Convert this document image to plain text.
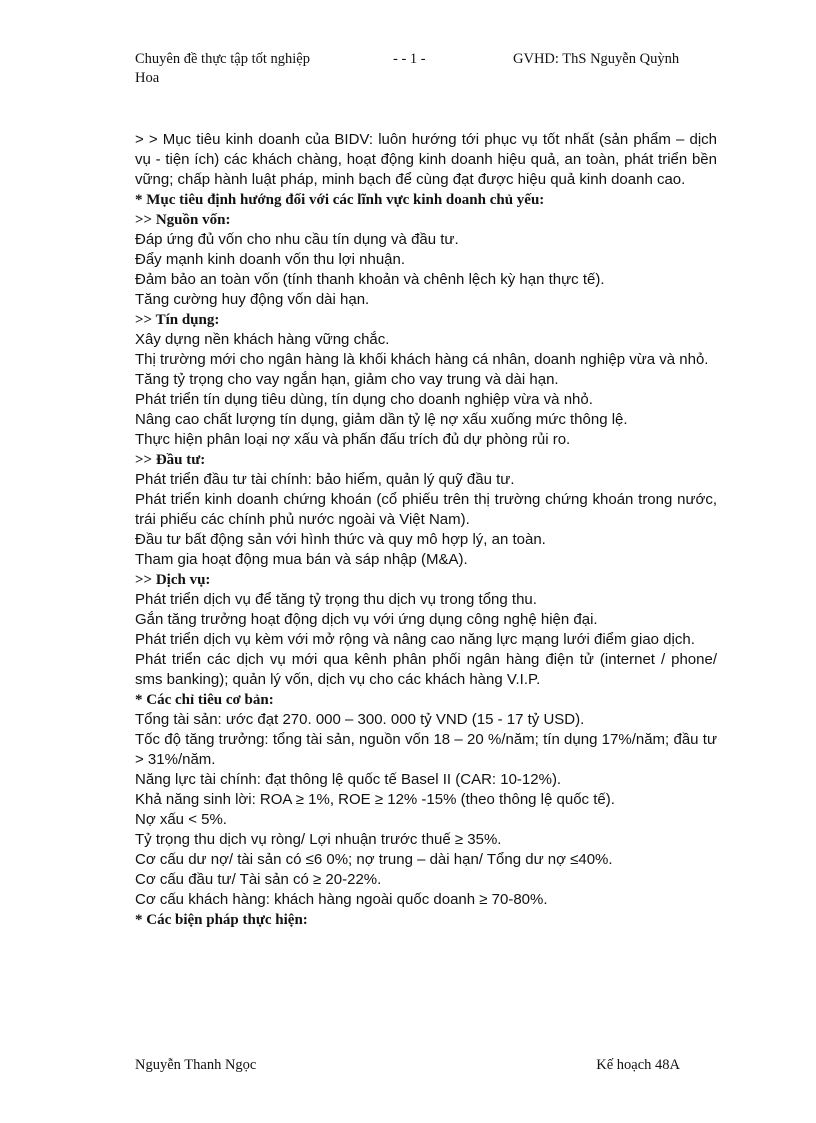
Chuyên đề thực tập tốt nghiệp	- - 1 -	GVHD: ThS Nguyễn Quỳnh
Hoa

> > Mục tiêu kinh doanh của BIDV: luôn hướng tới phục vụ tốt nhất (sản phẩm – dịch vụ - tiện ích) các khách chàng, hoạt động kinh doanh hiệu quả, an toàn, phát triển bền vững; chấp hành luật pháp, minh bạch để cùng đạt được hiệu quả kinh doanh cao.

* Mục tiêu định hướng đối với các lĩnh vực kinh doanh chủ yếu:

>> Nguồn vốn:

Đáp ứng đủ vốn cho nhu cầu tín dụng và đầu tư.

Đẩy mạnh kinh doanh vốn thu lợi nhuận.

Đảm bảo an toàn vốn (tính thanh khoản và chênh lệch kỳ hạn thực tế).

Tăng cường huy động vốn dài hạn.

>> Tín dụng:

Xây dựng nền khách hàng vững chắc.

Thị trường mới cho ngân hàng là khối khách hàng cá nhân, doanh nghiệp vừa và nhỏ.

Tăng tỷ trọng cho vay ngắn hạn, giảm cho vay trung và dài hạn.

Phát triển tín dụng tiêu dùng, tín dụng cho doanh nghiệp vừa và nhỏ.

Nâng cao chất lượng tín dụng, giảm dần tỷ lệ nợ xấu xuống mức thông lệ.

Thực hiện phân loại nợ xấu và phấn đấu trích đủ dự phòng rủi ro.

>> Đầu tư:

Phát triển đầu tư tài chính: bảo hiểm, quản lý quỹ đầu tư.

Phát triển kinh doanh chứng khoán (cổ phiếu trên thị trường chứng khoán trong nước, trái phiếu các chính phủ nước ngoài và Việt Nam).

Đầu tư bất động sản với hình thức và quy mô hợp lý, an toàn.

Tham gia hoạt động mua bán và sáp nhập (M&A).

>> Dịch vụ:

Phát triển dịch vụ để tăng tỷ trọng thu dịch vụ trong tổng thu.

Gắn tăng trưởng hoạt động dịch vụ với ứng dụng công nghệ hiện đại.

Phát triển dịch vụ kèm với mở rộng và nâng cao năng lực mạng lưới điểm giao dịch.

Phát triển các dịch vụ mới qua kênh phân phối ngân hàng điện tử (internet / phone/ sms banking); quản lý vốn, dịch vụ cho các khách hàng V.I.P.

* Các chỉ tiêu cơ bản:

Tổng tài sản: ước đạt 270. 000 – 300. 000 tỷ VND (15 - 17 tỷ USD).

Tốc độ tăng trưởng: tổng tài sản, nguồn vốn 18 – 20 %/năm; tín dụng 17%/năm; đầu tư > 31%/năm.

Năng lực tài chính: đạt thông lệ quốc tế Basel II (CAR: 10-12%).

Khả năng sinh lời: ROA ≥ 1%, ROE ≥ 12% -15% (theo thông lệ quốc tế).

Nợ xấu < 5%.

Tỷ trọng thu dịch vụ ròng/ Lợi nhuận trước thuế ≥ 35%.

Cơ cấu dư nợ/ tài sản có ≤6 0%; nợ trung – dài hạn/ Tổng dư nợ ≤40%.

Cơ cấu đầu tư/ Tài sản có ≥ 20-22%.

Cơ cấu khách hàng: khách hàng ngoài quốc doanh ≥ 70-80%.

* Các biện pháp thực hiện:

Nguyễn Thanh Ngọc	Kế hoạch 48A
